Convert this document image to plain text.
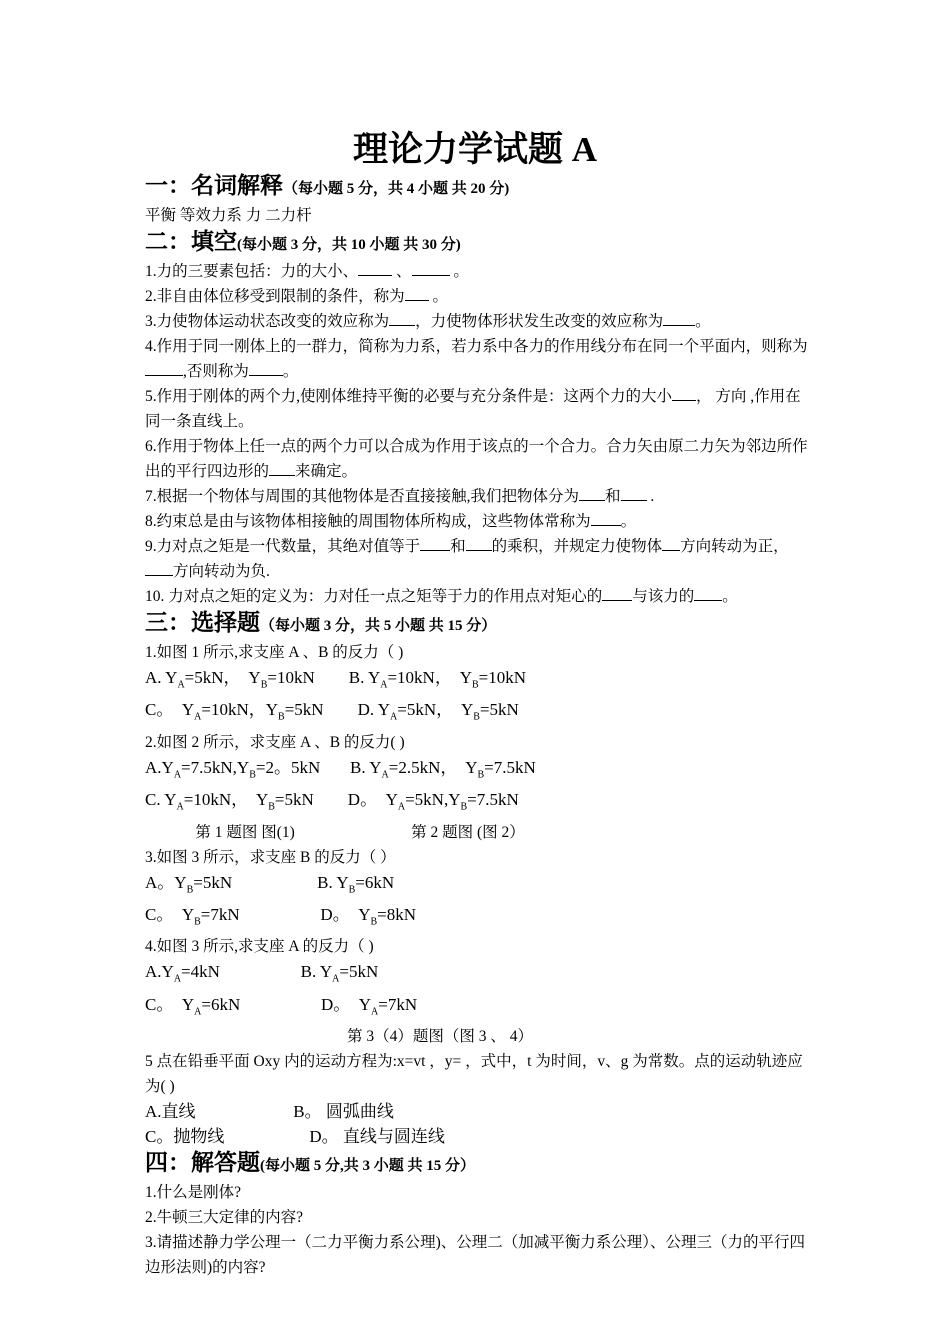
理论力学试题 A

一：名词解释（每小题 5 分，共 4 小题 共 20 分)

平衡 等效力系 力 二力杆

二：填空(每小题 3 分，共 10 小题 共 30 分)

1.力的三要素包括：力的大小、 、 。

2.非自由体位移受到限制的条件，称为 。

3.力使物体运动状态改变的效应称为 ，力使物体形状发生改变的效应称为 。

4.作用于同一刚体上的一群力，简称为力系，若力系中各力的作用线分布在同一个平面内，则称为,否则称为 。

5.作用于刚体的两个力,使刚体维持平衡的必要与充分条件是：这两个力的大小 ， 方向 ,作用在同一条直线上。

6.作用于物体上任一点的两个力可以合成为作用于该点的一个合力。合力矢由原二力矢为邻边所作出的平行四边形的 来确定。

7.根据一个物体与周围的其他物体是否直接接触,我们把物体分为 和 .

8.约束总是由与该物体相接触的周围物体所构成，这些物体常称为 。

9.力对点之矩是一代数量，其绝对值等于 和 的乘积，并规定力使物体 方向转动为正，方向转动为负.

10. 力对点之矩的定义为：力对任一点之矩等于力的作用点对矩心的 与该力的 。

三：选择题（每小题 3 分，共 5 小题 共 15 分）

1.如图 1 所示,求支座 A 、B 的反力（ )

A. $Y_A=5kN$，  $Y_B=10kN$ B. $Y_A=10kN$，  $Y_B=10kN$

C。  $Y_A=10kN$，$Y_B=5kN$ D. $Y_A=5kN$，  $Y_B=5kN$

2.如图 2 所示，求支座 A 、B 的反力( )

$A.Y_A=7.5kN,Y_B=2$。5kN B. $Y_A=2.5kN$，  $Y_B=7.5kN$

C. $Y_A=10kN$，  $Y_B=5kN$ D。  $Y_A=5kN,Y_B=7.5kN$

第 1 题图 图(1)	第 2 题图 (图 2）

3.如图 3 所示，求支座 B 的反力（ ）

A。$Y_B=5kN$	B. $Y_B=6kN$

C。  $Y_B=7kN$	D。  $Y_B=8kN$

4.如图 3 所示,求支座 A 的反力（ )

$A.Y_A=4kN$	B. $Y_A=5kN$

C。  $Y_A=6kN$	D。  $Y_A=7kN$

第 3（4）题图（图 3 、 4）

5 点在铅垂平面 Oxy 内的运动方程为:x=vt ，y= ，式中，t 为时间，v、g 为常数。点的运动轨迹应为( )

A.直线	B。 圆弧曲线

C。抛物线	D。 直线与圆连线

四：解答题(每小题 5 分,共 3 小题 共 15 分）

1.什么是刚体?

2.牛顿三大定律的内容?

3.请描述静力学公理一（二力平衡力系公理)、公理二（加减平衡力系公理）、公理三（力的平行四边形法则)的内容?
